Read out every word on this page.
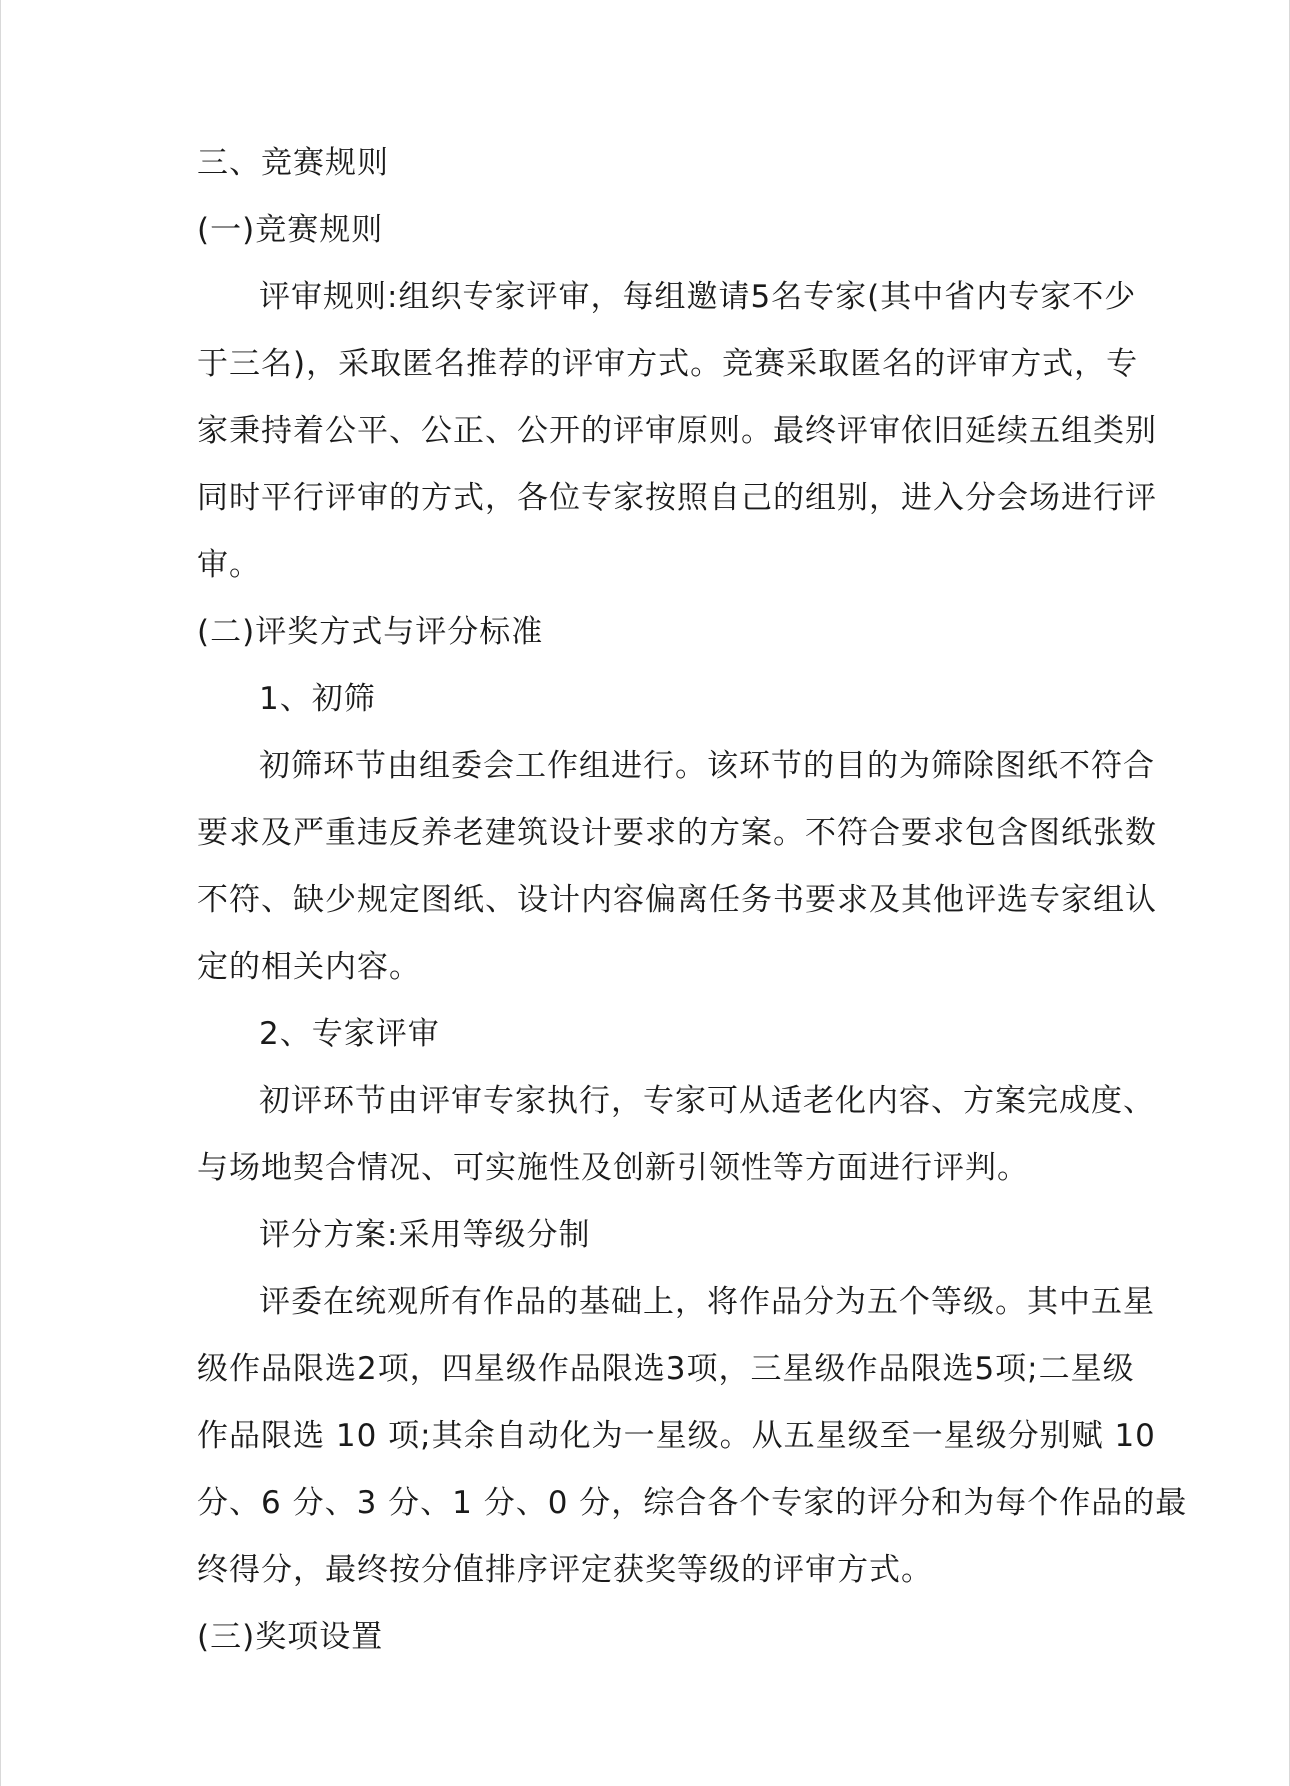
三、竞赛规则
(一)竞赛规则
评审规则:组织专家评审，每组邀请5名专家(其中省内专家不少
于三名)，采取匿名推荐的评审方式。竞赛采取匿名的评审方式，专
家秉持着公平、公正、公开的评审原则。最终评审依旧延续五组类别
同时平行评审的方式，各位专家按照自己的组别，进入分会场进行评
审。
(二)评奖方式与评分标准
1、初筛
初筛环节由组委会工作组进行。该环节的目的为筛除图纸不符合
要求及严重违反养老建筑设计要求的方案。不符合要求包含图纸张数
不符、缺少规定图纸、设计内容偏离任务书要求及其他评选专家组认
定的相关内容。
2、专家评审
初评环节由评审专家执行，专家可从适老化内容、方案完成度、
与场地契合情况、可实施性及创新引领性等方面进行评判。
评分方案:采用等级分制
评委在统观所有作品的基础上，将作品分为五个等级。其中五星
级作品限选2项，四星级作品限选3项，三星级作品限选5项;二星级
作品限选 10 项;其余自动化为一星级。从五星级至一星级分别赋 10
分、6 分、3 分、1 分、0 分，综合各个专家的评分和为每个作品的最
终得分，最终按分值排序评定获奖等级的评审方式。
(三)奖项设置
